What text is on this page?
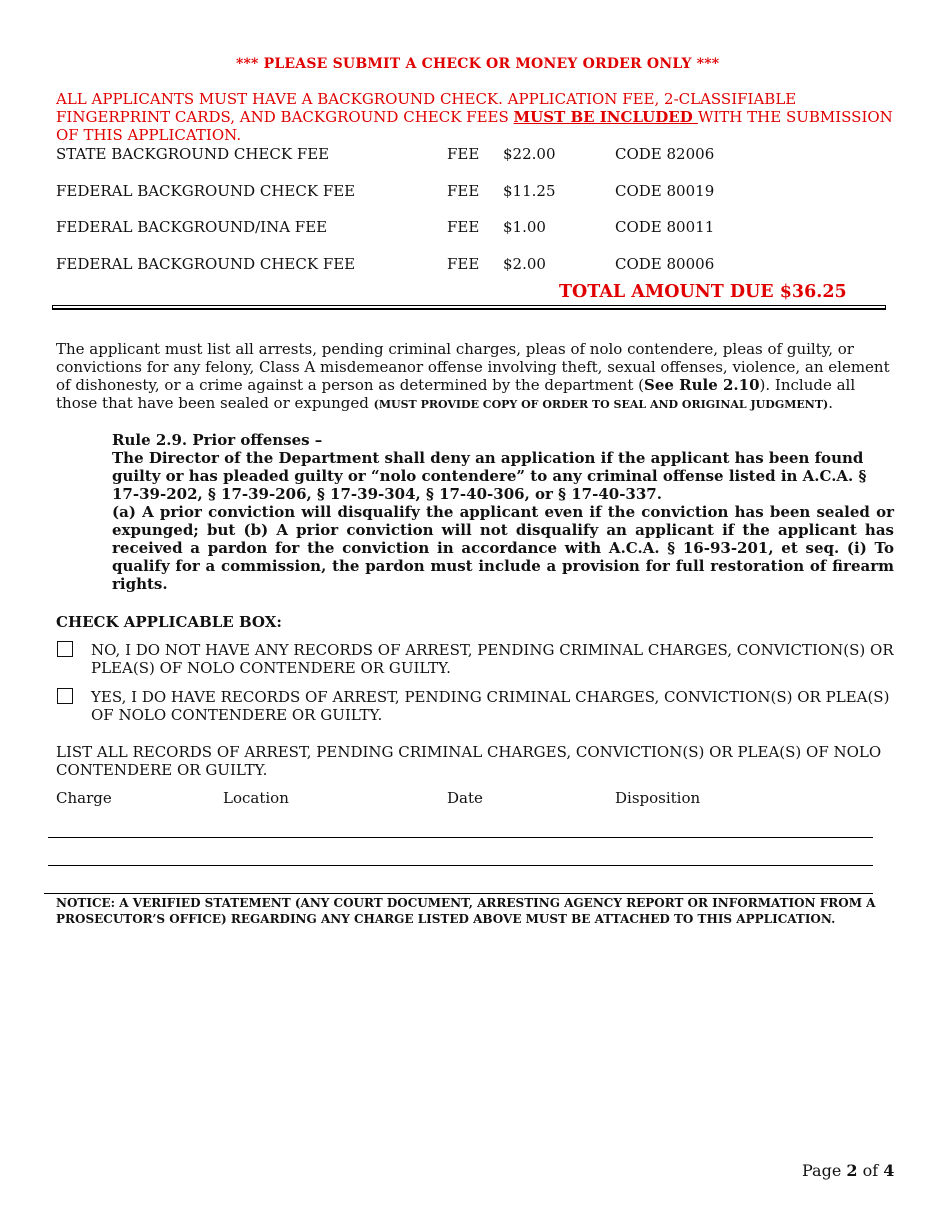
*** PLEASE SUBMIT A CHECK OR MONEY ORDER ONLY ***
ALL APPLICANTS MUST HAVE A BACKGROUND CHECK. APPLICATION FEE, 2-CLASSIFIABLE FINGERPRINT CARDS, AND BACKGROUND CHECK FEES MUST BE INCLUDED WITH THE SUBMISSION OF THIS APPLICATION.
STATE BACKGROUND CHECK FEE	FEE $22.00	CODE 82006
FEDERAL BACKGROUND CHECK FEE	FEE $11.25	CODE 80019
FEDERAL BACKGROUND/INA FEE	FEE $1.00	CODE 80011
FEDERAL BACKGROUND CHECK FEE	FEE $2.00	CODE 80006
TOTAL AMOUNT DUE $36.25
The applicant must list all arrests, pending criminal charges, pleas of nolo contendere, pleas of guilty, or convictions for any felony, Class A misdemeanor offense involving theft, sexual offenses, violence, an element of dishonesty, or a crime against a person as determined by the department (See Rule 2.10). Include all those that have been sealed or expunged (MUST PROVIDE COPY OF ORDER TO SEAL AND ORIGINAL JUDGMENT).
Rule 2.9. Prior offenses –
The Director of the Department shall deny an application if the applicant has been found guilty or has pleaded guilty or “nolo contendere” to any criminal offense listed in A.C.A. § 17-39-202, § 17-39-206, § 17-39-304, § 17-40-306, or § 17-40-337.
(a) A prior conviction will disqualify the applicant even if the conviction has been sealed or expunged; but (b) A prior conviction will not disqualify an applicant if the applicant has received a pardon for the conviction in accordance with A.C.A. § 16-93-201, et seq. (i) To qualify for a commission, the pardon must include a provision for full restoration of firearm rights.
CHECK APPLICABLE BOX:
NO, I DO NOT HAVE ANY RECORDS OF ARREST, PENDING CRIMINAL CHARGES, CONVICTION(S) OR PLEA(S) OF NOLO CONTENDERE OR GUILTY.
YES, I DO HAVE RECORDS OF ARREST, PENDING CRIMINAL CHARGES, CONVICTION(S) OR PLEA(S) OF NOLO CONTENDERE OR GUILTY.
LIST ALL RECORDS OF ARREST, PENDING CRIMINAL CHARGES, CONVICTION(S) OR PLEA(S) OF NOLO CONTENDERE OR GUILTY.
Charge	Location	Date	Disposition
NOTICE: A VERIFIED STATEMENT (ANY COURT DOCUMENT, ARRESTING AGENCY REPORT OR INFORMATION FROM A PROSECUTOR’S OFFICE) REGARDING ANY CHARGE LISTED ABOVE MUST BE ATTACHED TO THIS APPLICATION.
Page 2 of 4
